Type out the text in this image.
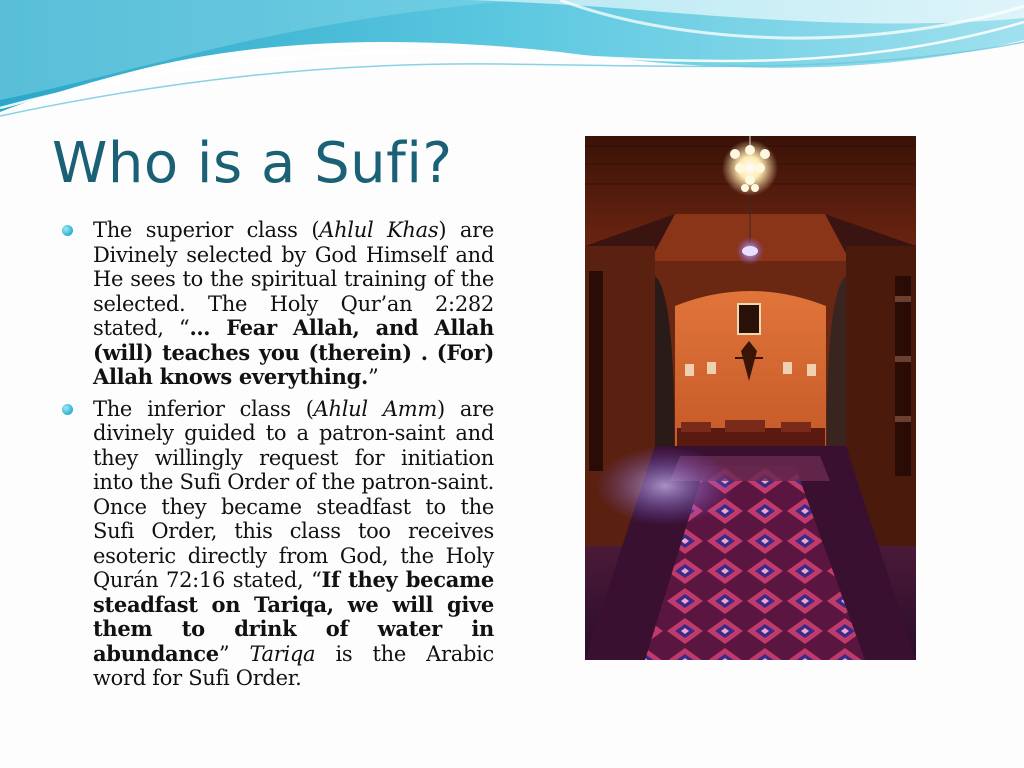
Who is a Sufi?
The superior class (Ahlul Khas) are Divinely selected by God Himself and He sees to the spiritual training of the selected. The Holy Qur’an 2:282 stated, “… Fear Allah, and Allah (will) teaches you (therein) . (For) Allah knows everything.”
The inferior class (Ahlul Amm) are divinely guided to a patron-saint and they willingly request for initiation into the Sufi Order of the patron-saint. Once they became steadfast to the Sufi Order, this class too receives esoteric directly from God, the Holy Qurán 72:16 stated, “If they became steadfast on Tariqa, we will give them to drink of water in abundance” Tariqa is the Arabic word for Sufi Order.
